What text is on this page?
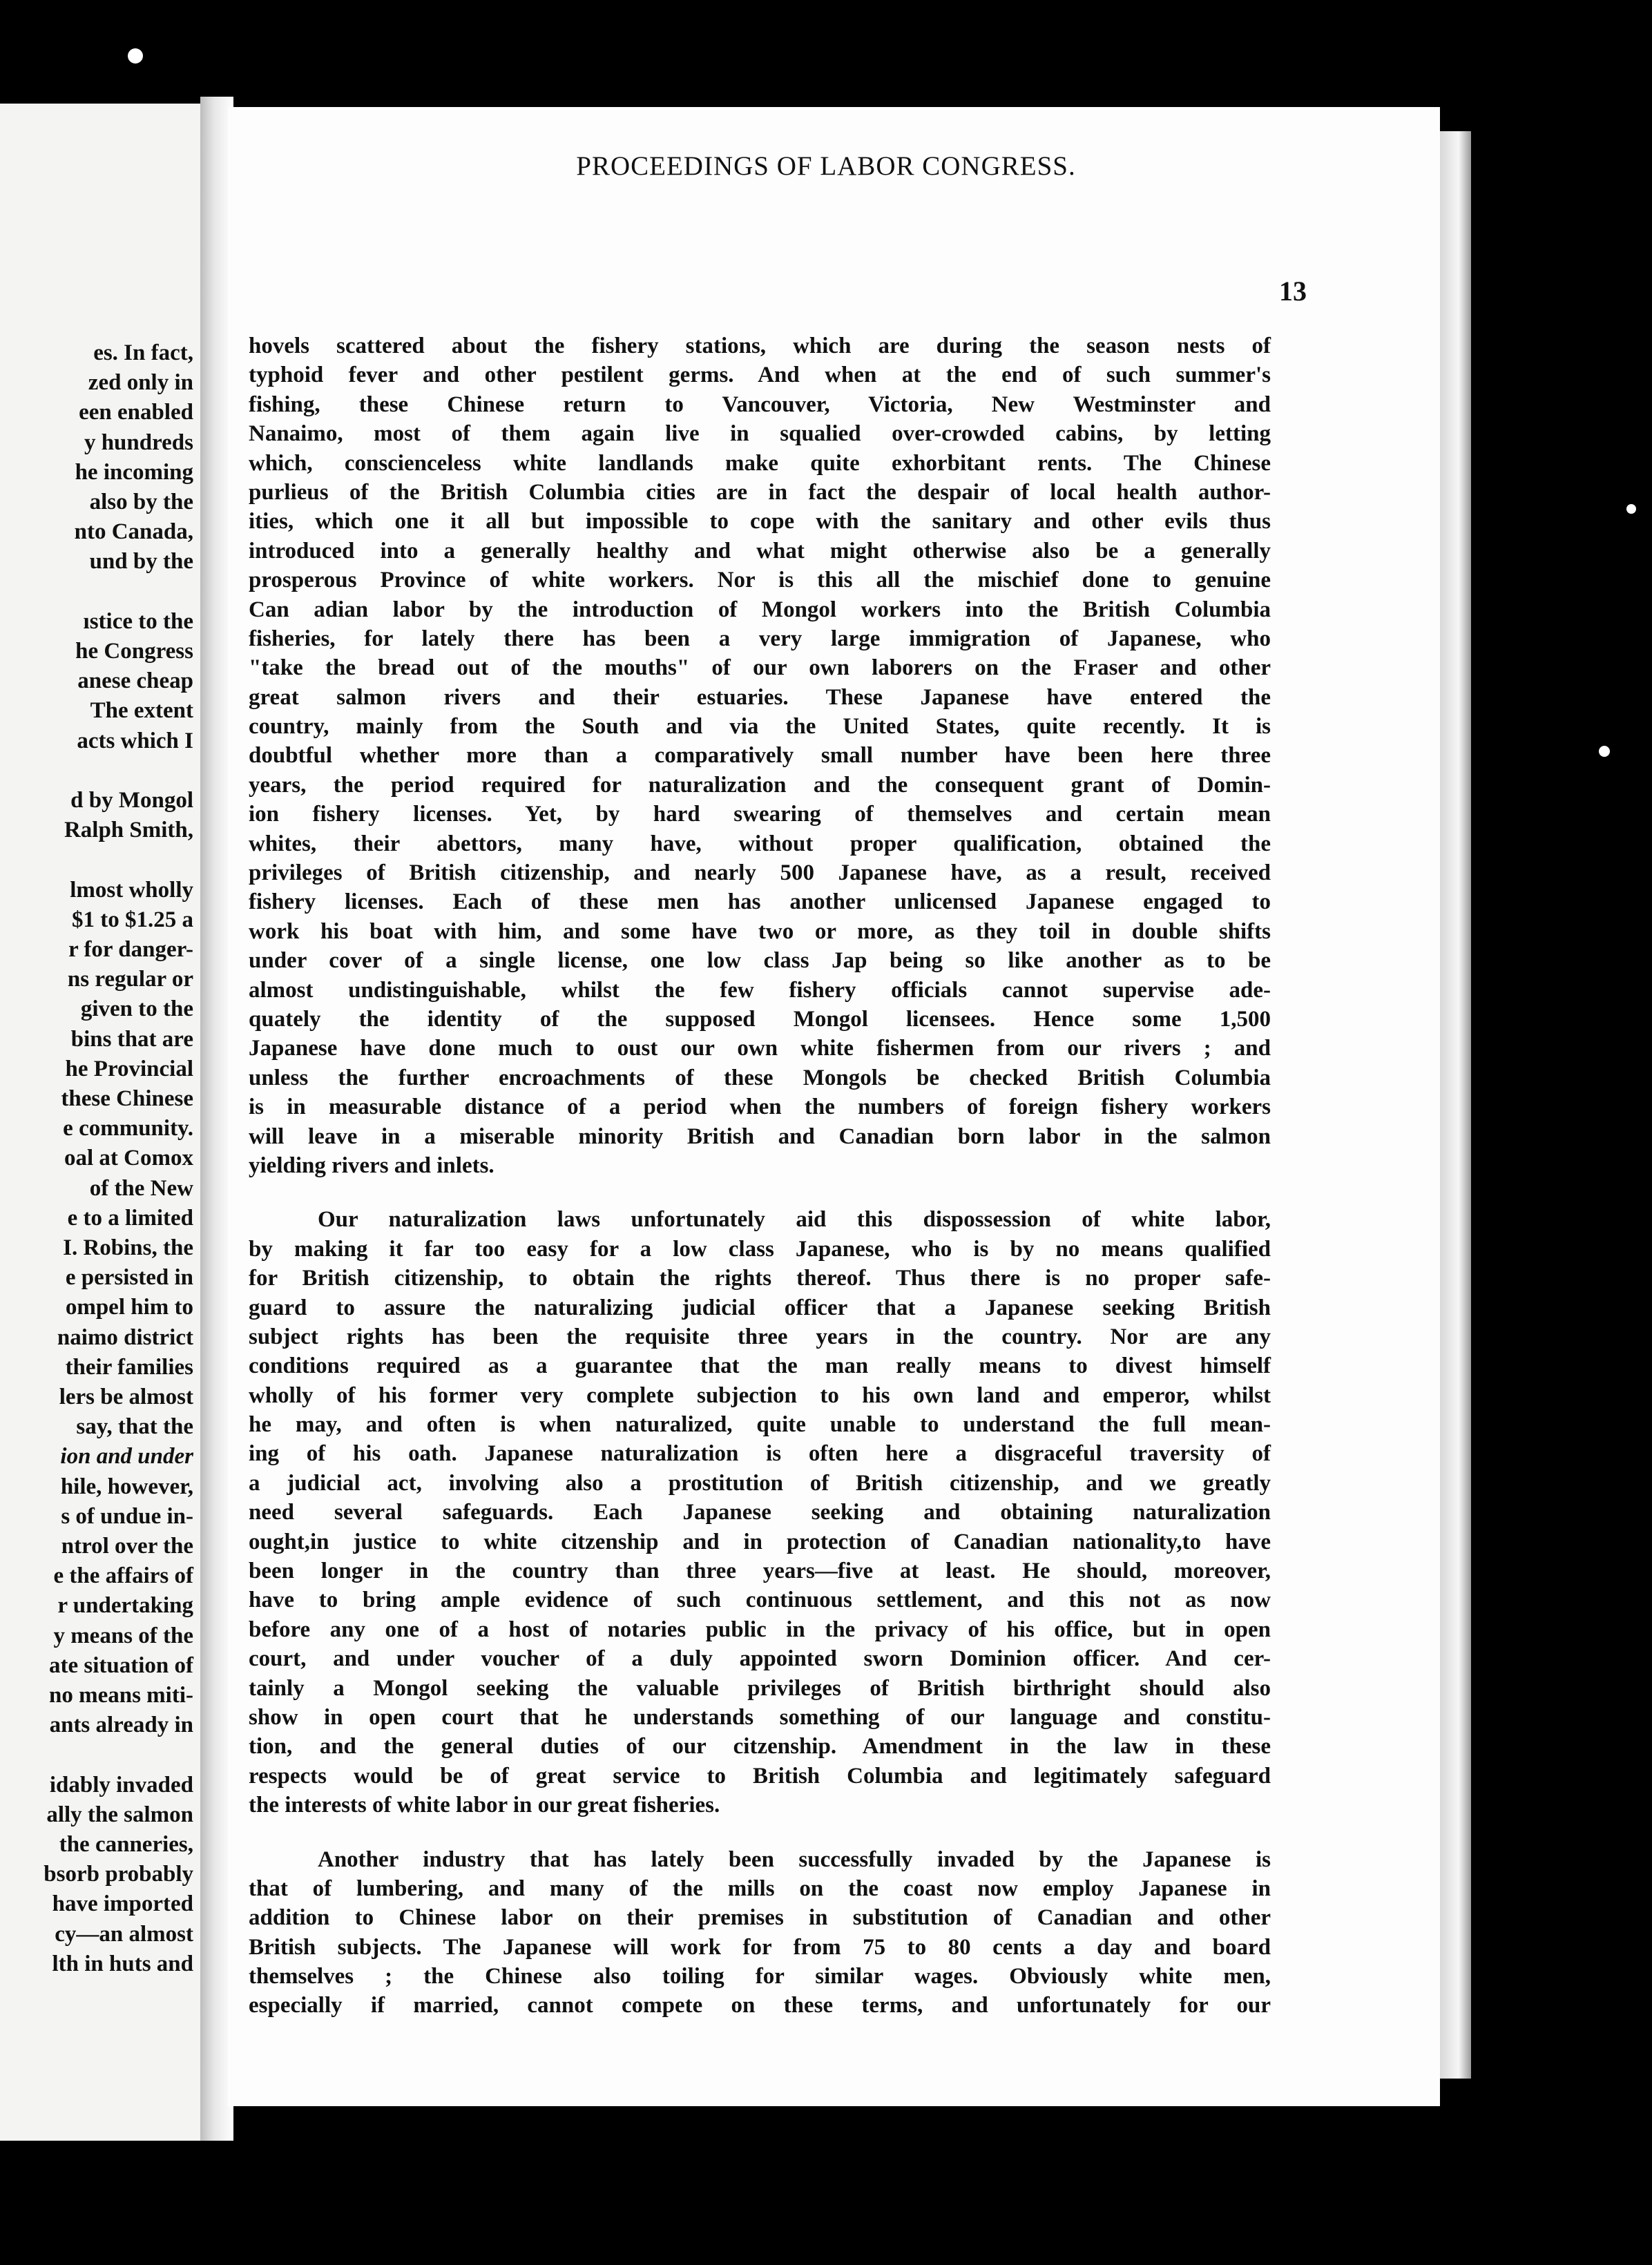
es. In fact,
zed only in
een enabled
y hundreds
he incoming
also by the
nto Canada,
und by the
ıstice to the
he Congress
anese cheap
The extent
acts which I
d by Mongol
Ralph Smith,
lmost wholly
$1 to $1.25 a
r for danger-
ns regular or
given to the
bins that are
he Provincial
these Chinese
e community.
oal at Comox
of the New
e to a limited
I. Robins, the
e persisted in
ompel him to
naimo district
their families
lers be almost
say, that the
ion and under
hile, however,
s of undue in-
ntrol over the
e the affairs of
r undertaking
y means of the
ate situation of
no means miti-
ants already in
idably invaded
ally the salmon
the canneries,
bsorb probably
have imported
cy—an almost
lth in huts and
PROCEEDINGS OF LABOR CONGRESS.
13
hovels scattered about the fishery stations, which are during the season nests of
typhoid fever and other pestilent germs. And when at the end of such summer's
fishing, these Chinese return to Vancouver, Victoria, New Westminster and
Nanaimo, most of them again live in squalied over-crowded cabins, by letting
which, conscienceless white landlands make quite exhorbitant rents. The Chinese
purlieus of the British Columbia cities are in fact the despair of local health author-
ities, which one it all but impossible to cope with the sanitary and other evils thus
introduced into a generally healthy and what might otherwise also be a generally
prosperous Province of white workers. Nor is this all the mischief done to genuine
Can adian labor by the introduction of Mongol workers into the British Columbia
fisheries, for lately there has been a very large immigration of Japanese, who
"take the bread out of the mouths" of our own laborers on the Fraser and other
great salmon rivers and their estuaries. These Japanese have entered the
country, mainly from the South and via the United States, quite recently. It is
doubtful whether more than a comparatively small number have been here three
years, the period required for naturalization and the consequent grant of Domin-
ion fishery licenses. Yet, by hard swearing of themselves and certain mean
whites, their abettors, many have, without proper qualification, obtained the
privileges of British citizenship, and nearly 500 Japanese have, as a result, received
fishery licenses. Each of these men has another unlicensed Japanese engaged to
work his boat with him, and some have two or more, as they toil in double shifts
under cover of a single license, one low class Jap being so like another as to be
almost undistinguishable, whilst the few fishery officials cannot supervise ade-
quately the identity of the supposed Mongol licensees. Hence some 1,500
Japanese have done much to oust our own white fishermen from our rivers ; and
unless the further encroachments of these Mongols be checked British Columbia
is in measurable distance of a period when the numbers of foreign fishery workers
will leave in a miserable minority British and Canadian born labor in the salmon
yielding rivers and inlets.
Our naturalization laws unfortunately aid this dispossession of white labor,
by making it far too easy for a low class Japanese, who is by no means qualified
for British citizenship, to obtain the rights thereof. Thus there is no proper safe-
guard to assure the naturalizing judicial officer that a Japanese seeking British
subject rights has been the requisite three years in the country. Nor are any
conditions required as a guarantee that the man really means to divest himself
wholly of his former very complete subjection to his own land and emperor, whilst
he may, and often is when naturalized, quite unable to understand the full mean-
ing of his oath. Japanese naturalization is often here a disgraceful traversity of
a judicial act, involving also a prostitution of British citizenship, and we greatly
need several safeguards. Each Japanese seeking and obtaining naturalization
ought,in justice to white citzenship and in protection of Canadian nationality,to have
been longer in the country than three years—five at least. He should, moreover,
have to bring ample evidence of such continuous settlement, and this not as now
before any one of a host of notaries public in the privacy of his office, but in open
court, and under voucher of a duly appointed sworn Dominion officer. And cer-
tainly a Mongol seeking the valuable privileges of British birthright should also
show in open court that he understands something of our language and constitu-
tion, and the general duties of our citzenship. Amendment in the law in these
respects would be of great service to British Columbia and legitimately safeguard
the interests of white labor in our great fisheries.
Another industry that has lately been successfully invaded by the Japanese is
that of lumbering, and many of the mills on the coast now employ Japanese in
addition to Chinese labor on their premises in substitution of Canadian and other
British subjects. The Japanese will work for from 75 to 80 cents a day and board
themselves ; the Chinese also toiling for similar wages. Obviously white men,
especially if married, cannot compete on these terms, and unfortunately for our
